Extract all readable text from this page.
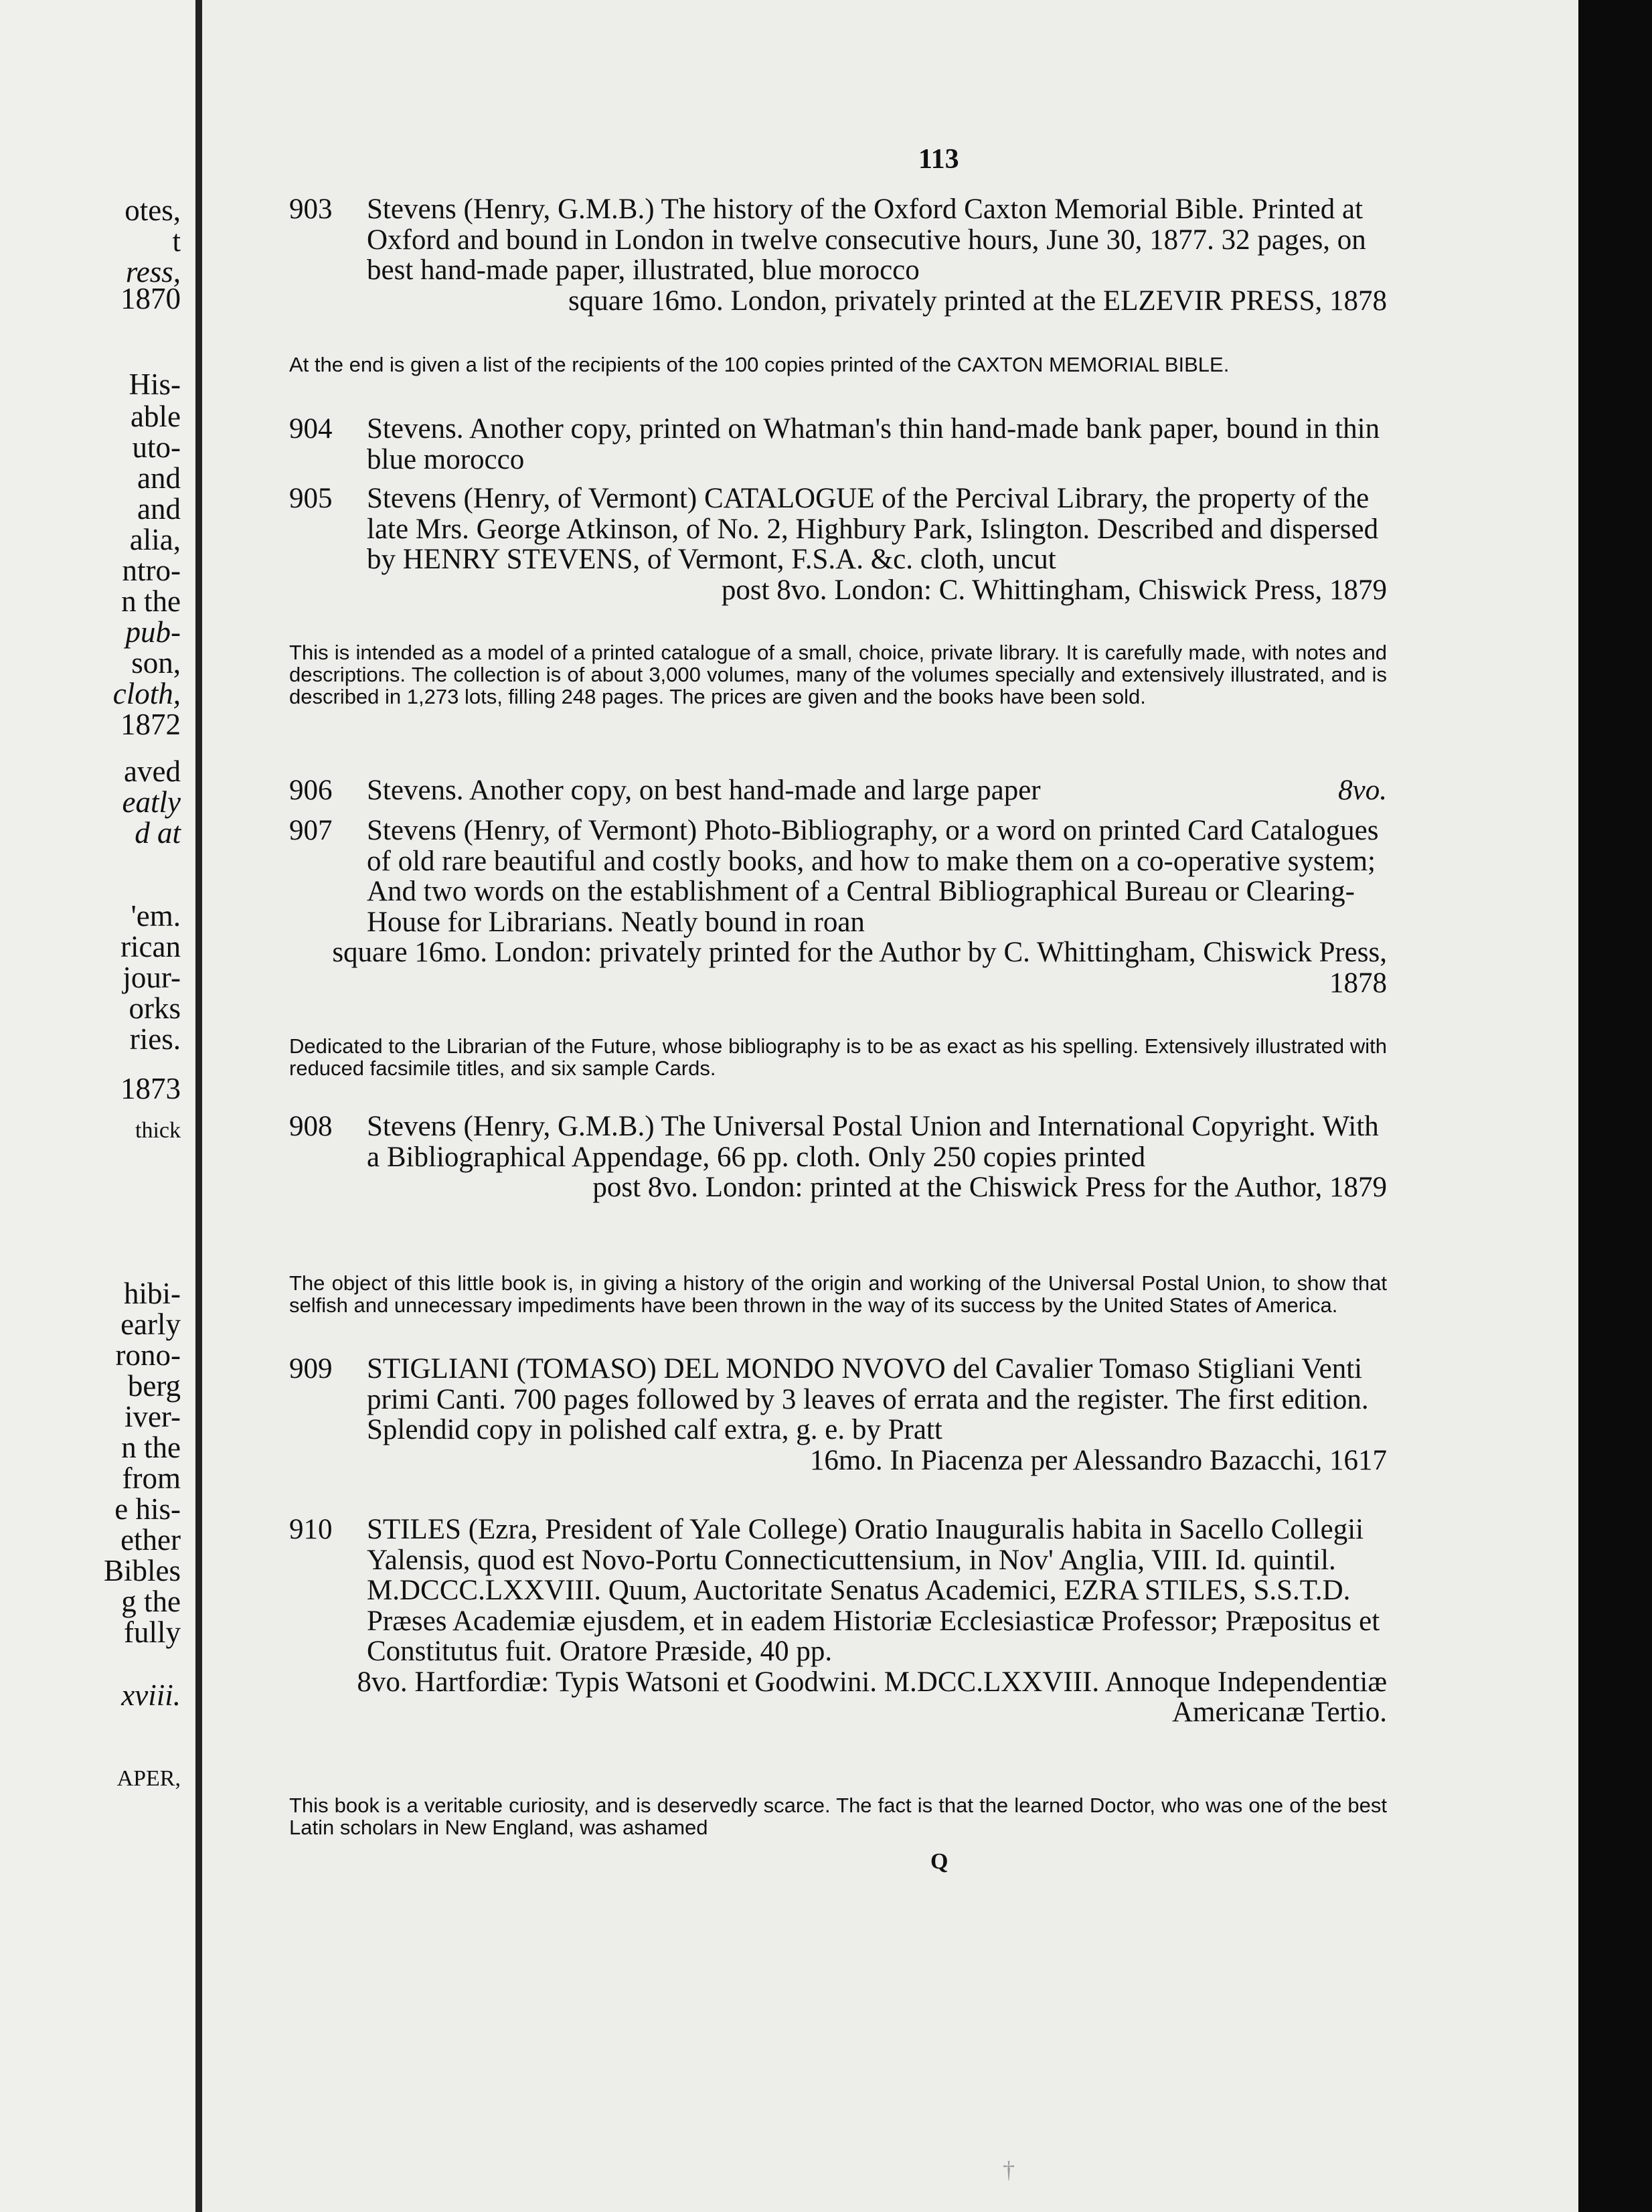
otes,
t
ress,
1870
His-
able
uto-
and
and
alia,
ntro-
n the
pub-
son,
cloth,
1872
aved
eatly
d at
'em.
rican
jour-
orks
ries.
1873
thick
hibi-
early
rono-
berg
iver-
n the
from
e his-
ether
Bibles
g the
fully
xviii.
APER,
113
903 Stevens (Henry, G.M.B.) The history of the Oxford Caxton Memorial Bible. Printed at Oxford and bound in London in twelve consecutive hours, June 30, 1877. 32 pages, on best hand-made paper, illustrated, blue morocco
square 16mo. London, privately printed at the ELZEVIR PRESS, 1878
At the end is given a list of the recipients of the 100 copies printed of the CAXTON MEMORIAL BIBLE.
904 Stevens. Another copy, printed on Whatman's thin hand-made bank paper, bound in thin blue morocco
905 Stevens (Henry, of Vermont) CATALOGUE of the Percival Library, the property of the late Mrs. George Atkinson, of No. 2, Highbury Park, Islington. Described and dispersed by HENRY STEVENS, of Vermont, F.S.A. &c. cloth, uncut
post 8vo. London: C. Whittingham, Chiswick Press, 1879
This is intended as a model of a printed catalogue of a small, choice, private library. It is carefully made, with notes and descriptions. The collection is of about 3,000 volumes, many of the volumes specially and extensively illustrated, and is described in 1,273 lots, filling 248 pages. The prices are given and the books have been sold.
906 Stevens. Another copy, on best hand-made and large paper	8vo.
907 Stevens (Henry, of Vermont) Photo-Bibliography, or a word on printed Card Catalogues of old rare beautiful and costly books, and how to make them on a co-operative system; And two words on the establishment of a Central Bibliographical Bureau or Clearing-House for Librarians. Neatly bound in roan
square 16mo. London: privately printed for the Author by C. Whittingham, Chiswick Press, 1878
Dedicated to the Librarian of the Future, whose bibliography is to be as exact as his spelling. Extensively illustrated with reduced facsimile titles, and six sample Cards.
908 Stevens (Henry, G.M.B.) The Universal Postal Union and International Copyright. With a Bibliographical Appendage, 66 pp. cloth. Only 250 copies printed
post 8vo. London: printed at the Chiswick Press for the Author, 1879
The object of this little book is, in giving a history of the origin and working of the Universal Postal Union, to show that selfish and unnecessary impediments have been thrown in the way of its success by the United States of America.
909 STIGLIANI (TOMASO) DEL MONDO NVOVO del Cavalier Tomaso Stigliani Venti primi Canti. 700 pages followed by 3 leaves of errata and the register. The first edition. Splendid copy in polished calf extra, g. e. by Pratt
16mo. In Piacenza per Alessandro Bazacchi, 1617
910 STILES (Ezra, President of Yale College) Oratio Inauguralis habita in Sacello Collegii Yalensis, quod est Novo-Portu Connecticuttensium, in Nov' Anglia, VIII. Id. quintil. M.DCCC.LXXVIII. Quum, Auctoritate Senatus Academici, EZRA STILES, S.S.T.D. Præses Academiæ ejusdem, et in eadem Historiæ Ecclesiasticæ Professor; Præpositus et Constitutus fuit. Oratore Præside, 40 pp.
8vo. Hartfordiæ: Typis Watsoni et Goodwini. M.DCC.LXXVIII. Annoque Independentiæ Americanæ Tertio.
This book is a veritable curiosity, and is deservedly scarce. The fact is that the learned Doctor, who was one of the best Latin scholars in New England, was ashamed
Q
†
